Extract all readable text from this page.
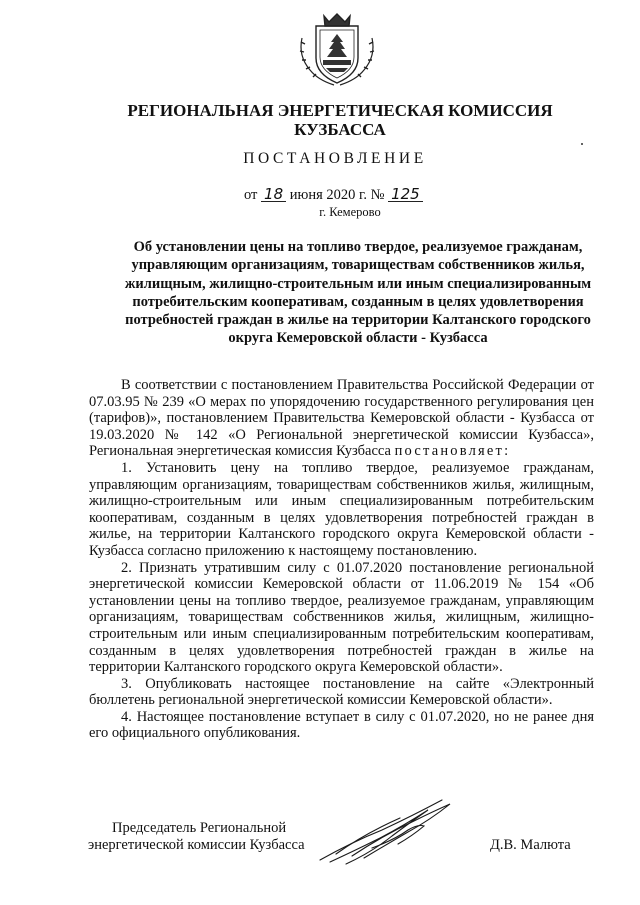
РЕГИОНАЛЬНАЯ ЭНЕРГЕТИЧЕСКАЯ КОМИССИЯ
КУЗБАССА
ПОСТАНОВЛЕНИЕ
от 18 июня 2020 г. № 125
г. Кемерово
Об установлении цены на топливо твердое, реализуемое гражданам,
управляющим организациям, товариществам собственников жилья,
жилищным, жилищно-строительным или иным специализированным
потребительским кооперативам, созданным в целях удовлетворения
потребностей граждан в жилье на территории Калтанского городского
округа Кемеровской области - Кузбасса

В соответствии с постановлением Правительства Российской Федерации от 07.03.95 № 239 «О мерах по упорядочению государственного регулирования цен (тарифов)», постановлением Правительства Кемеровской области - Кузбасса от 19.03.2020 № 142 «О Региональной энергетической комиссии Кузбасса», Региональная энергетическая комиссия Кузбасса постановляет:

1. Установить цену на топливо твердое, реализуемое гражданам, управляющим организациям, товариществам собственников жилья, жилищным, жилищно-строительным или иным специализированным потребительским кооперативам, созданным в целях удовлетворения потребностей граждан в жилье, на территории Калтанского городского округа Кемеровской области - Кузбасса согласно приложению к настоящему постановлению.

2. Признать утратившим силу с 01.07.2020 постановление региональной энергетической комиссии Кемеровской области от 11.06.2019 № 154 «Об установлении цены на топливо твердое, реализуемое гражданам, управляющим организациям, товариществам собственников жилья, жилищным, жилищно-строительным или иным специализированным потребительским кооперативам, созданным в целях удовлетворения потребностей граждан в жилье на территории Калтанского городского округа Кемеровской области».

3. Опубликовать настоящее постановление на сайте «Электронный бюллетень региональной энергетической комиссии Кемеровской области».

4. Настоящее постановление вступает в силу с 01.07.2020, но не ранее дня его официального опубликования.

Председатель Региональной
энергетической комиссии Кузбасса	Д.В. Малюта
